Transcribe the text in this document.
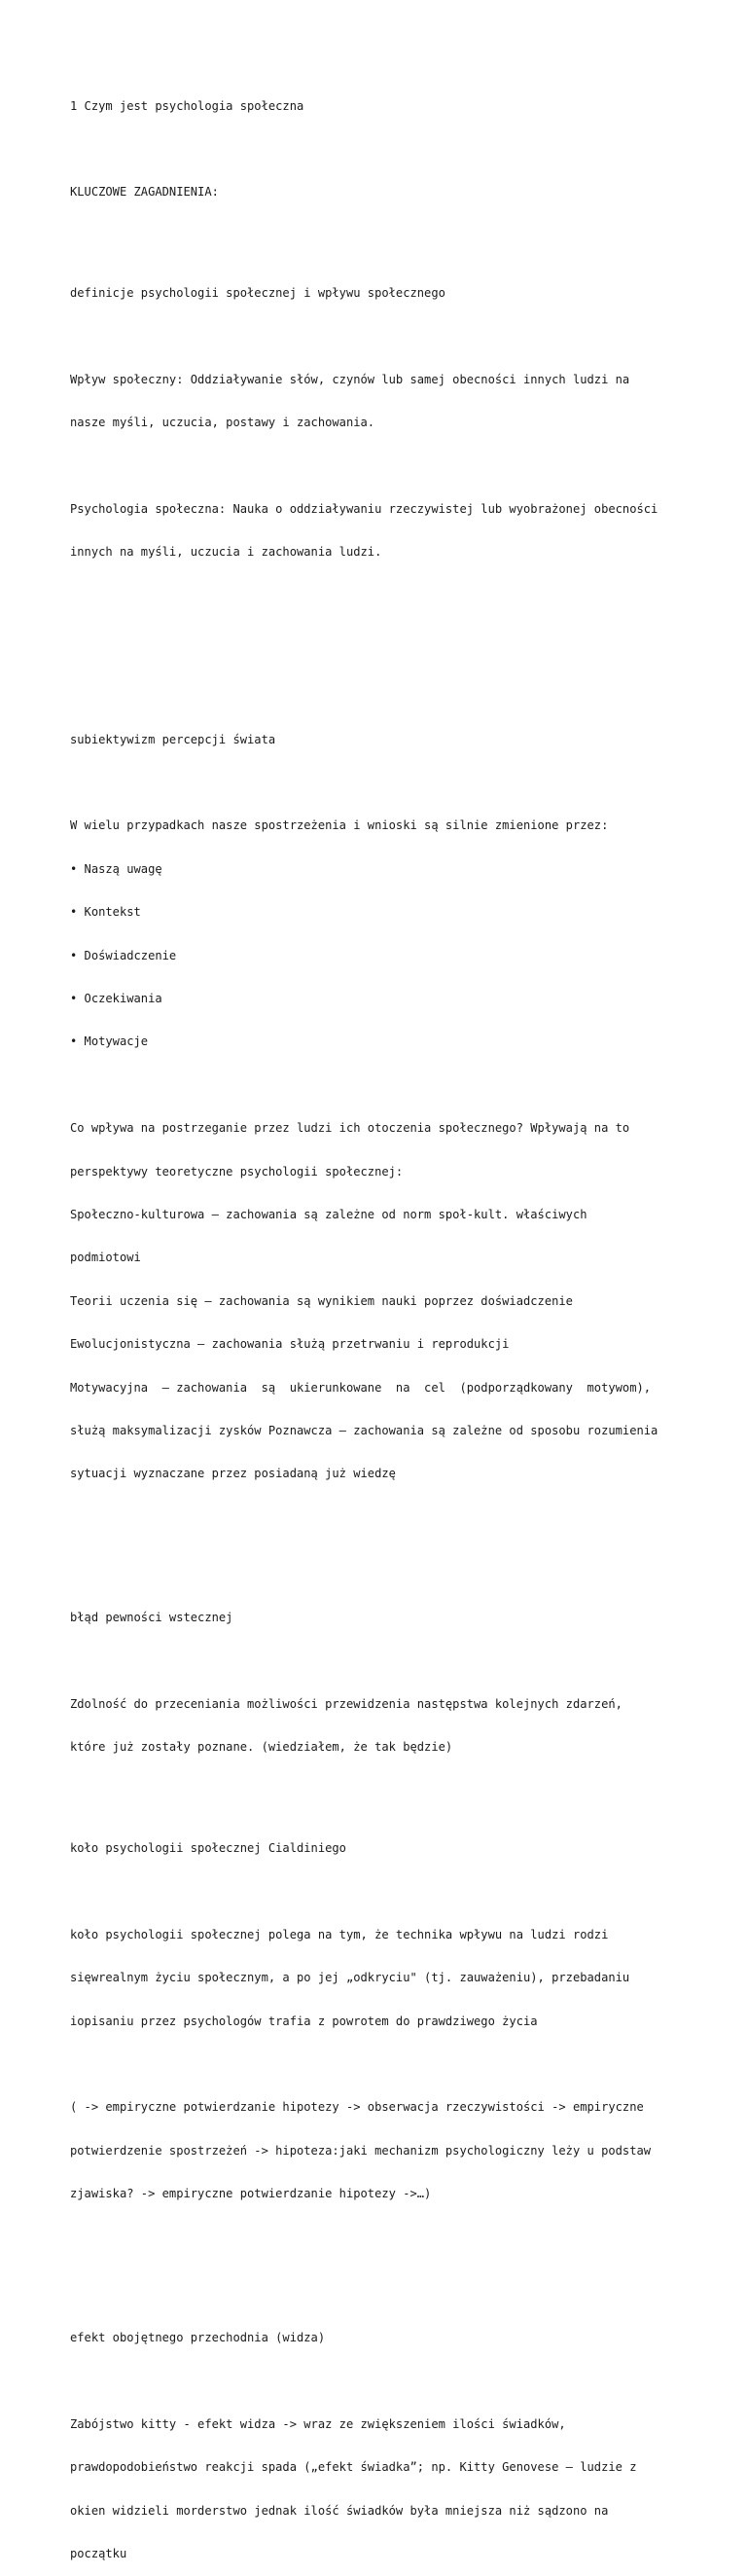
1 Czym jest psychologia społeczna

KLUCZOWE ZAGADNIENIA:

definicje psychologii społecznej i wpływu społecznego

Wpływ społeczny: Oddziaływanie słów, czynów lub samej obecności innych ludzi na

nasze myśli, uczucia, postawy i zachowania.

Psychologia społeczna: Nauka o oddziaływaniu rzeczywistej lub wyobrażonej obecności

innych na myśli, uczucia i zachowania ludzi.

subiektywizm percepcji świata

W wielu przypadkach nasze spostrzeżenia i wnioski są silnie zmienione przez:

• Naszą uwagę

• Kontekst

• Doświadczenie

• Oczekiwania

• Motywacje

Co wpływa na postrzeganie przez ludzi ich otoczenia społecznego? Wpływają na to

perspektywy teoretyczne psychologii społecznej:

Społeczno-kulturowa – zachowania są zależne od norm społ-kult. właściwych

podmiotowi

Teorii uczenia się – zachowania są wynikiem nauki poprzez doświadczenie

Ewolucjonistyczna – zachowania służą przetrwaniu i reprodukcji

Motywacyjna  – zachowania  są  ukierunkowane  na  cel  (podporządkowany  motywom),

służą maksymalizacji zysków Poznawcza – zachowania są zależne od sposobu rozumienia

sytuacji wyznaczane przez posiadaną już wiedzę

błąd pewności wstecznej

Zdolność do przeceniania możliwości przewidzenia następstwa kolejnych zdarzeń,

które już zostały poznane. (wiedziałem, że tak będzie)

koło psychologii społecznej Cialdiniego

koło psychologii społecznej polega na tym, że technika wpływu na ludzi rodzi

sięwrealnym życiu społecznym, a po jej „odkryciu" (tj. zauważeniu), przebadaniu

iopisaniu przez psychologów trafia z powrotem do prawdziwego życia

( -> empiryczne potwierdzanie hipotezy -> obserwacja rzeczywistości -> empiryczne

potwierdzenie spostrzeżeń -> hipoteza:jaki mechanizm psychologiczny leży u podstaw

zjawiska? -> empiryczne potwierdzanie hipotezy ->…)

efekt obojętnego przechodnia (widza)

Zabójstwo kitty - efekt widza -> wraz ze zwiększeniem ilości świadków,

prawdopodobieństwo reakcji spada („efekt świadka”; np. Kitty Genovese – ludzie z

okien widzieli morderstwo jednak ilość świadków była mniejsza niż sądzono na

początku
